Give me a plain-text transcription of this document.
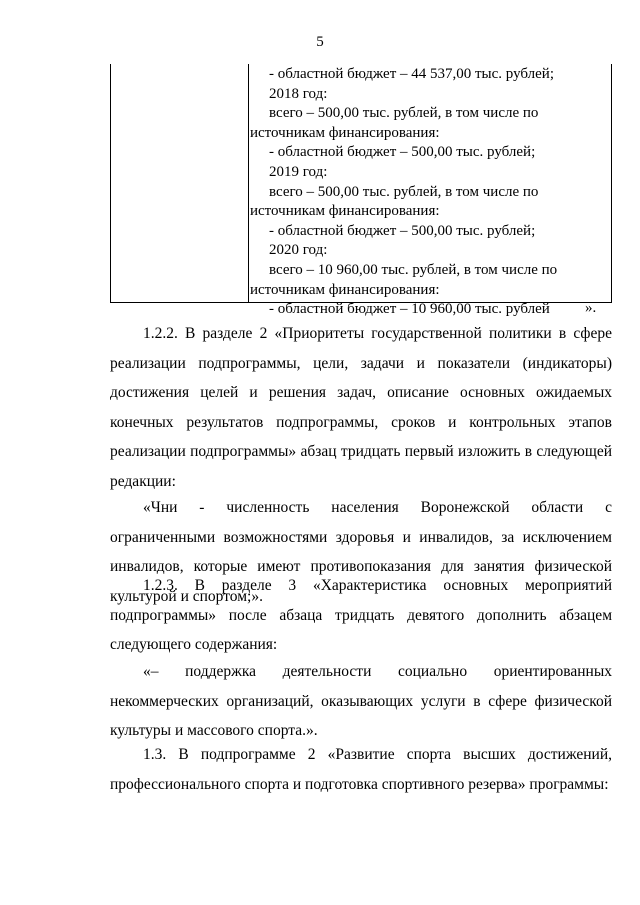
5
- областной бюджет – 44 537,00 тыс. рублей;
2018 год:
всего – 500,00 тыс. рублей, в том числе по
источникам финансирования:
- областной бюджет – 500,00 тыс. рублей;
2019 год:
всего – 500,00 тыс. рублей, в том числе по
источникам финансирования:
- областной бюджет – 500,00 тыс. рублей;
2020 год:
всего – 10 960,00 тыс. рублей, в том числе по
источникам финансирования:
- областной бюджет – 10 960,00 тыс. рублей	».
1.2.2. В разделе 2 «Приоритеты государственной политики в сфере реализации подпрограммы, цели, задачи и показатели (индикаторы) достижения целей и решения задач, описание основных ожидаемых конечных результатов подпрограммы, сроков и контрольных этапов реализации подпрограммы» абзац тридцать первый изложить в следующей редакции:
«Чни - численность населения Воронежской области с ограниченными возможностями здоровья и инвалидов, за исключением инвалидов, которые имеют противопоказания для занятия физической культурой и спортом;».
1.2.3. В разделе 3 «Характеристика основных мероприятий подпрограммы» после абзаца тридцать девятого дополнить абзацем следующего содержания:
«– поддержка деятельности социально ориентированных некоммерческих организаций, оказывающих услуги в сфере физической культуры и массового спорта.».
1.3. В подпрограмме 2 «Развитие спорта высших достижений, профессионального спорта и подготовка спортивного резерва» программы:
